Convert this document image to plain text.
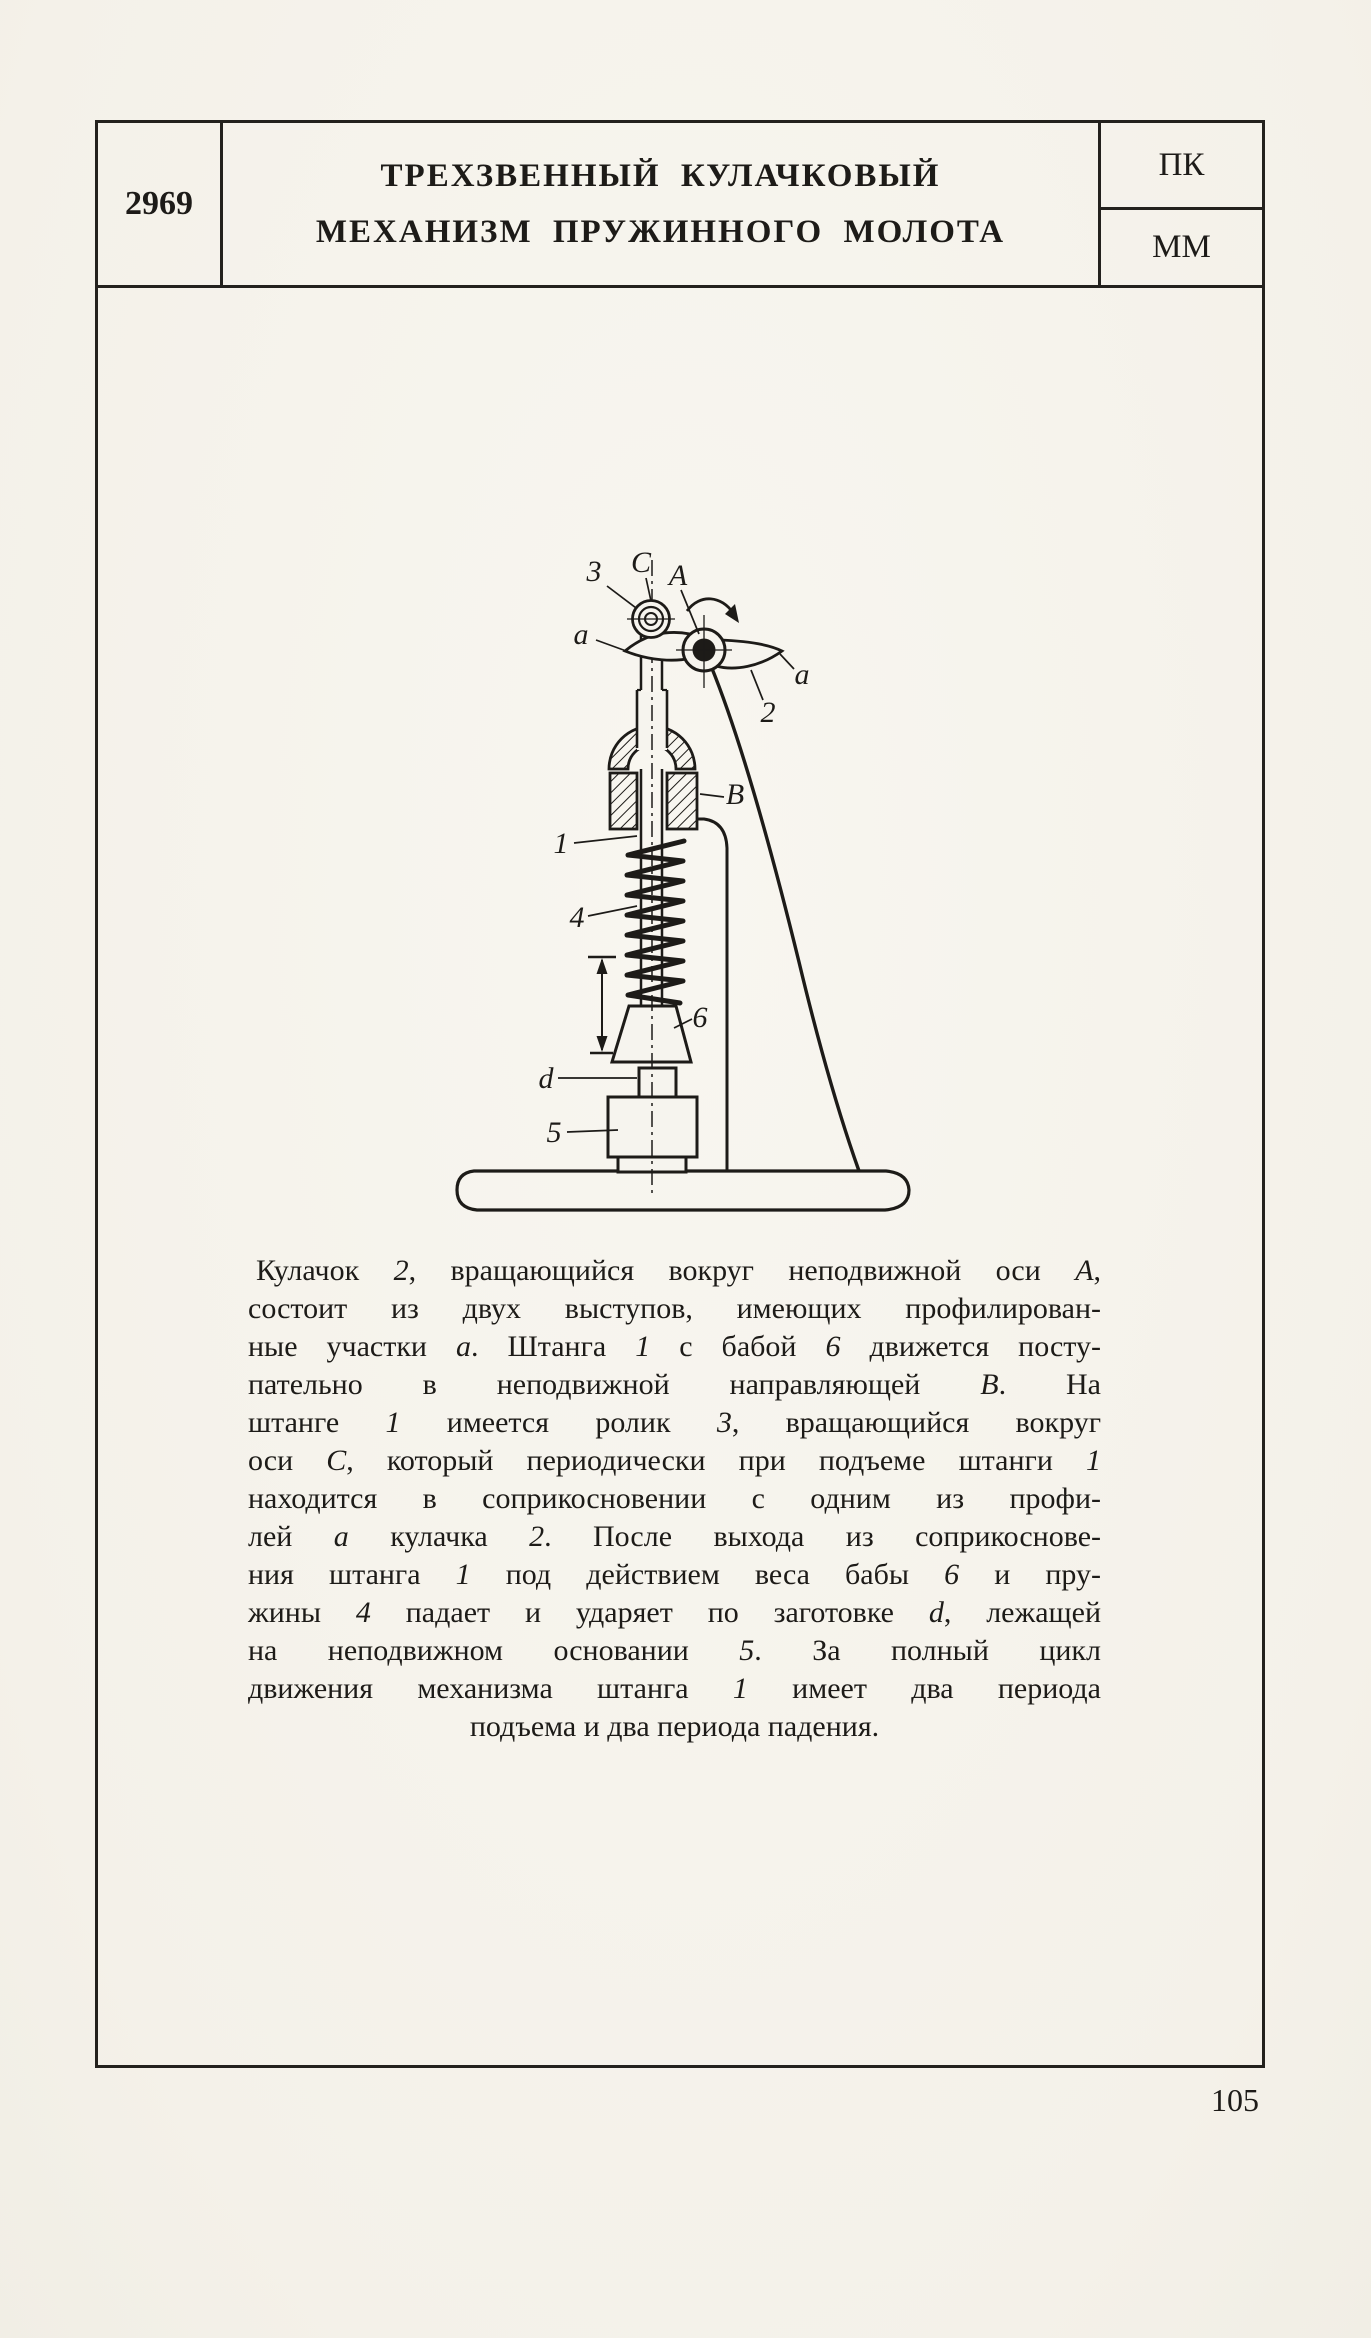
2969
ТРЕХЗВЕННЫЙ КУЛАЧКОВЫЙ
МЕХАНИЗМ ПРУЖИННОГО МОЛОТА
ПК
ММ
3 C A
a
a
2
B
1
4
6
d
5
Кулачок 2, вращающийся вокруг неподвижной оси А,
состоит из двух выступов, имеющих профилирован-
ные участки а. Штанга 1 с бабой 6 движется посту-
пательно в неподвижной направляющей В. На
штанге 1 имеется ролик 3, вращающийся вокруг
оси С, который периодически при подъеме штанги 1
находится в соприкосновении с одним из профи-
лей а кулачка 2. После выхода из соприкоснове-
ния штанга 1 под действием веса бабы 6 и пру-
жины 4 падает и ударяет по заготовке d, лежащей
на неподвижном основании 5. За полный цикл
движения механизма штанга 1 имеет два периода
подъема и два периода падения.
105
